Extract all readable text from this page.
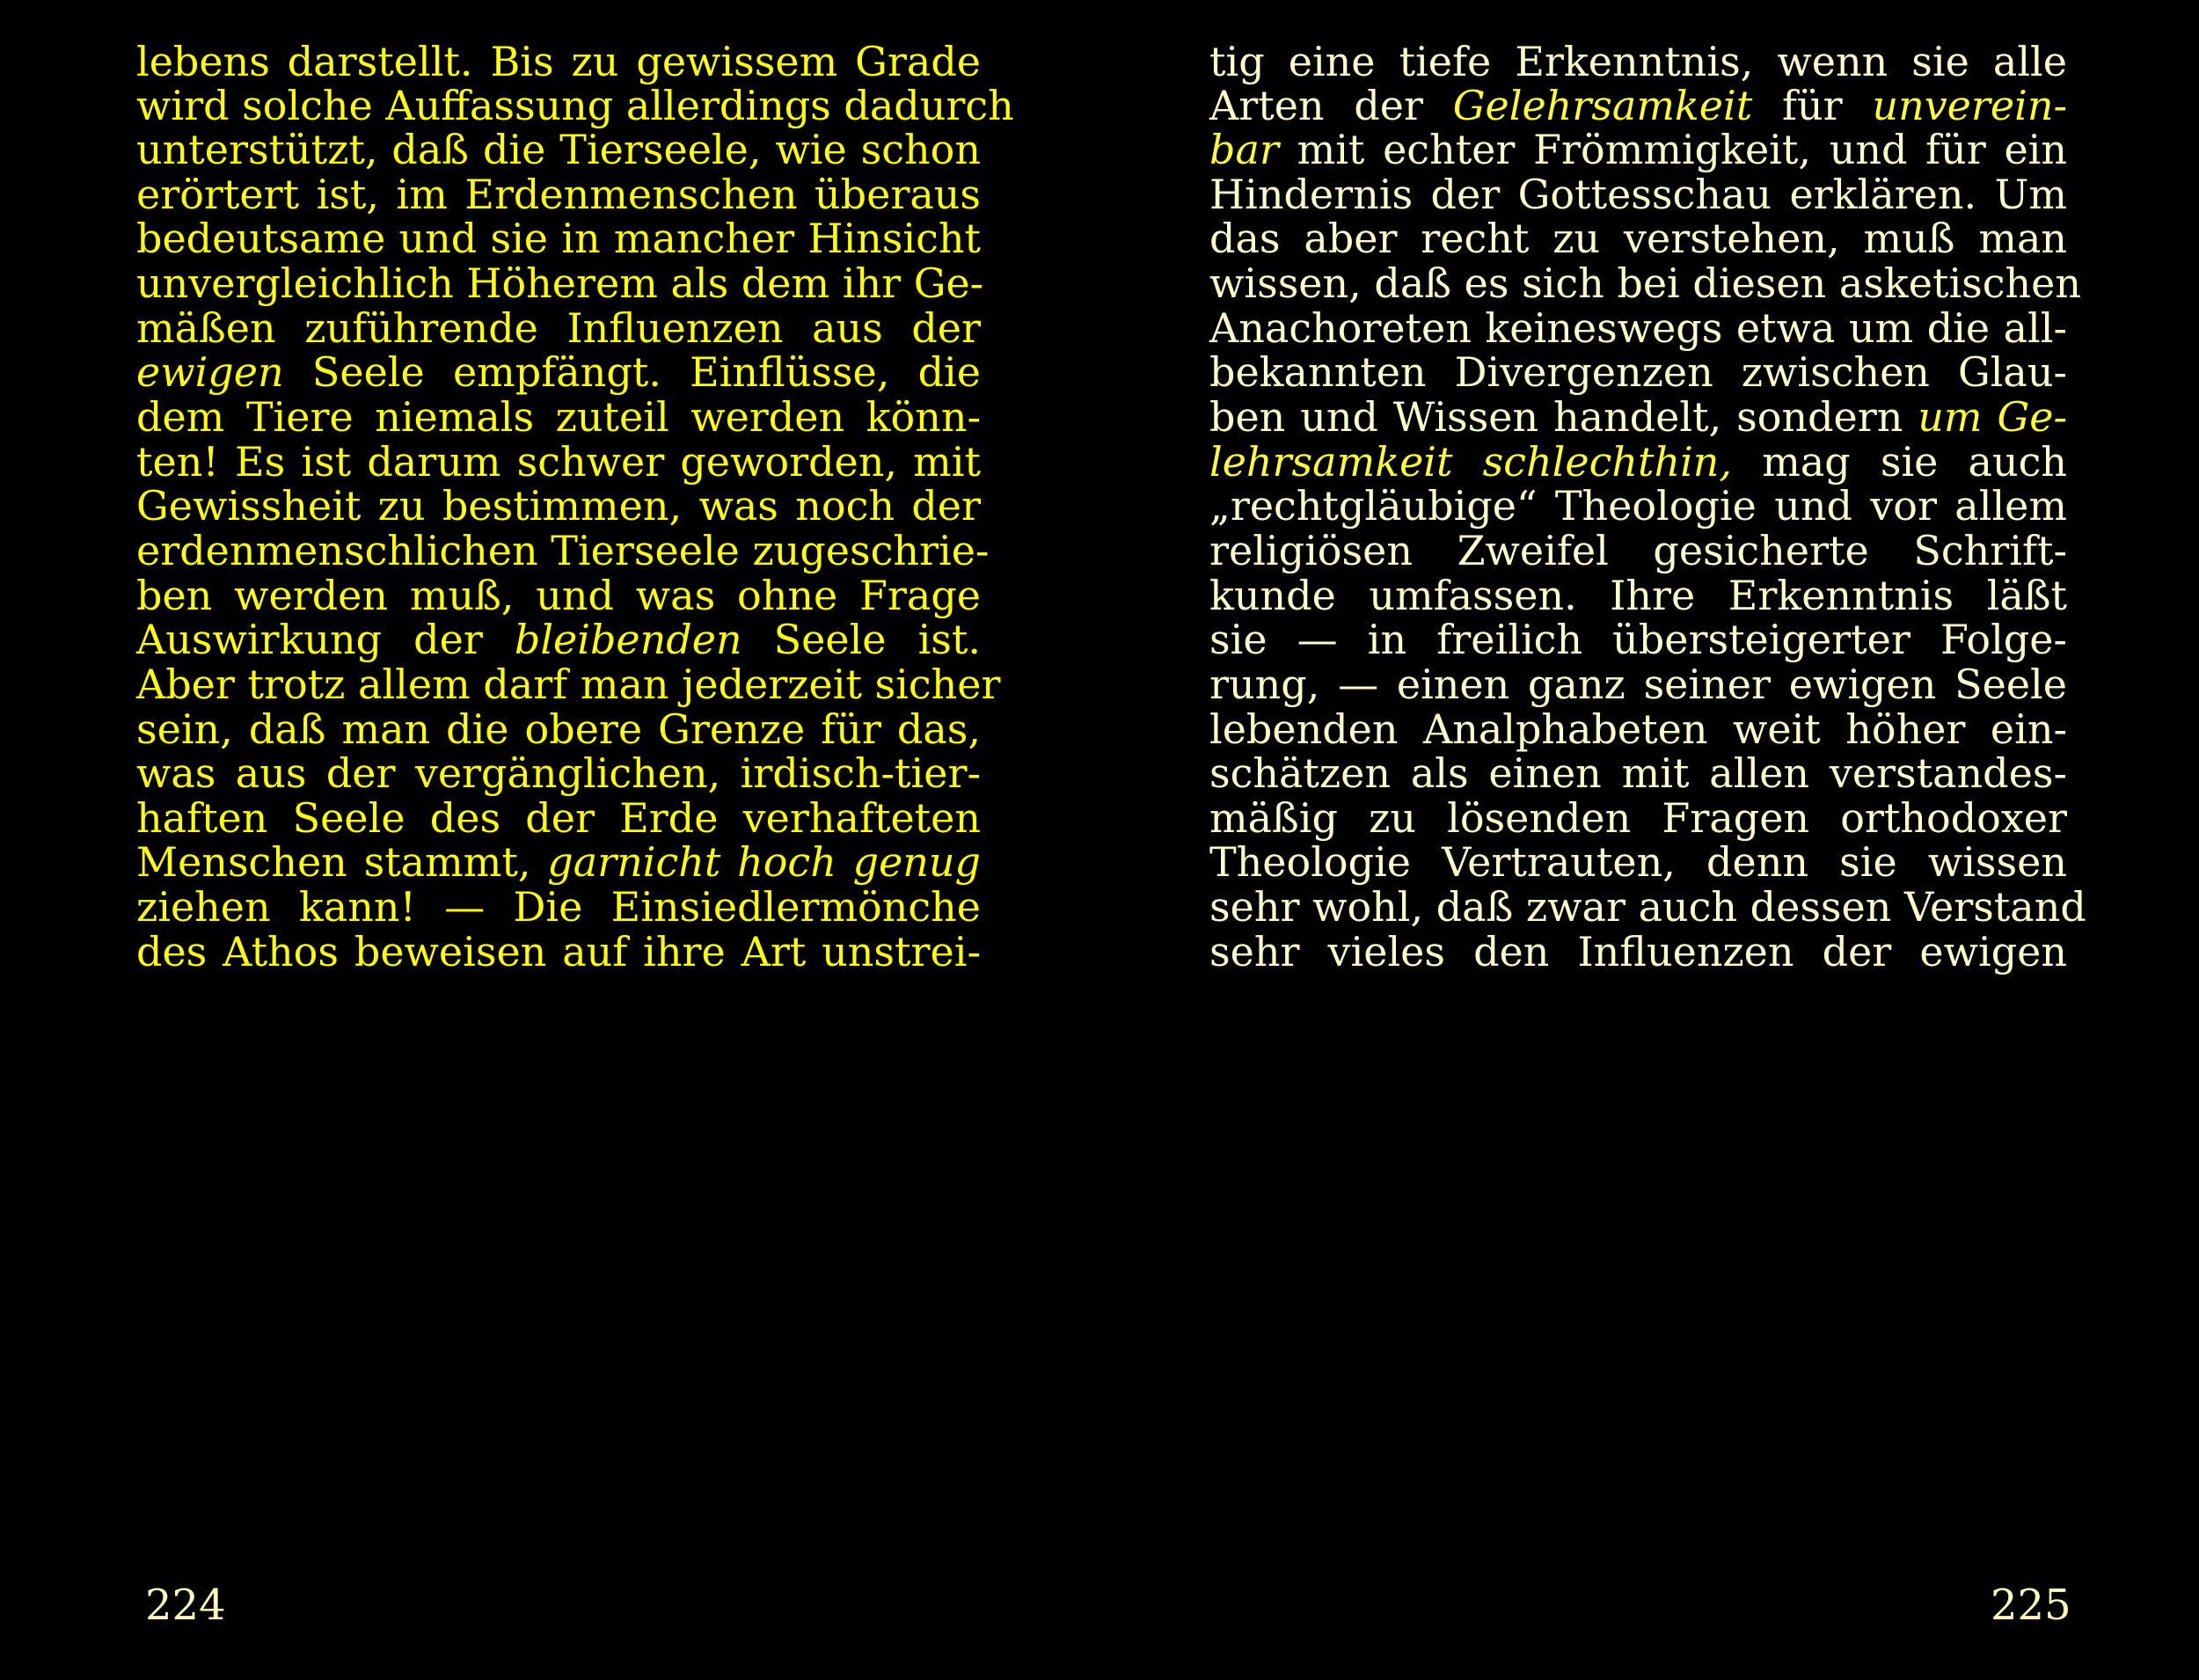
lebens darstellt. Bis zu gewissem Grade
wird solche Auffassung allerdings dadurch
unterstützt, daß die Tierseele, wie schon
erörtert ist, im Erdenmenschen überaus
bedeutsame und sie in mancher Hinsicht
unvergleichlich Höherem als dem ihr Ge-
mäßen zuführende Influenzen aus der
ewigen Seele empfängt. Einflüsse, die
dem Tiere niemals zuteil werden könn-
ten! Es ist darum schwer geworden, mit
Gewissheit zu bestimmen, was noch der
erdenmenschlichen Tierseele zugeschrie-
ben werden muß, und was ohne Frage
Auswirkung der bleibenden Seele ist.
Aber trotz allem darf man jederzeit sicher
sein, daß man die obere Grenze für das,
was aus der vergänglichen, irdisch-tier-
haften Seele des der Erde verhafteten
Menschen stammt, garnicht hoch genug
ziehen kann! — Die Einsiedlermönche
des Athos beweisen auf ihre Art unstrei-
224
tig eine tiefe Erkenntnis, wenn sie alle
Arten der Gelehrsamkeit für unverein-
bar mit echter Frömmigkeit, und für ein
Hindernis der Gottesschau erklären. Um
das aber recht zu verstehen, muß man
wissen, daß es sich bei diesen asketischen
Anachoreten keineswegs etwa um die all-
bekannten Divergenzen zwischen Glau-
ben und Wissen handelt, sondern um Ge-
lehrsamkeit schlechthin, mag sie auch
„rechtgläubige“ Theologie und vor allem
religiösen Zweifel gesicherte Schrift-
kunde umfassen. Ihre Erkenntnis läßt
sie — in freilich übersteigerter Folge-
rung, — einen ganz seiner ewigen Seele
lebenden Analphabeten weit höher ein-
schätzen als einen mit allen verstandes-
mäßig zu lösenden Fragen orthodoxer
Theologie Vertrauten, denn sie wissen
sehr wohl, daß zwar auch dessen Verstand
sehr vieles den Influenzen der ewigen
225
